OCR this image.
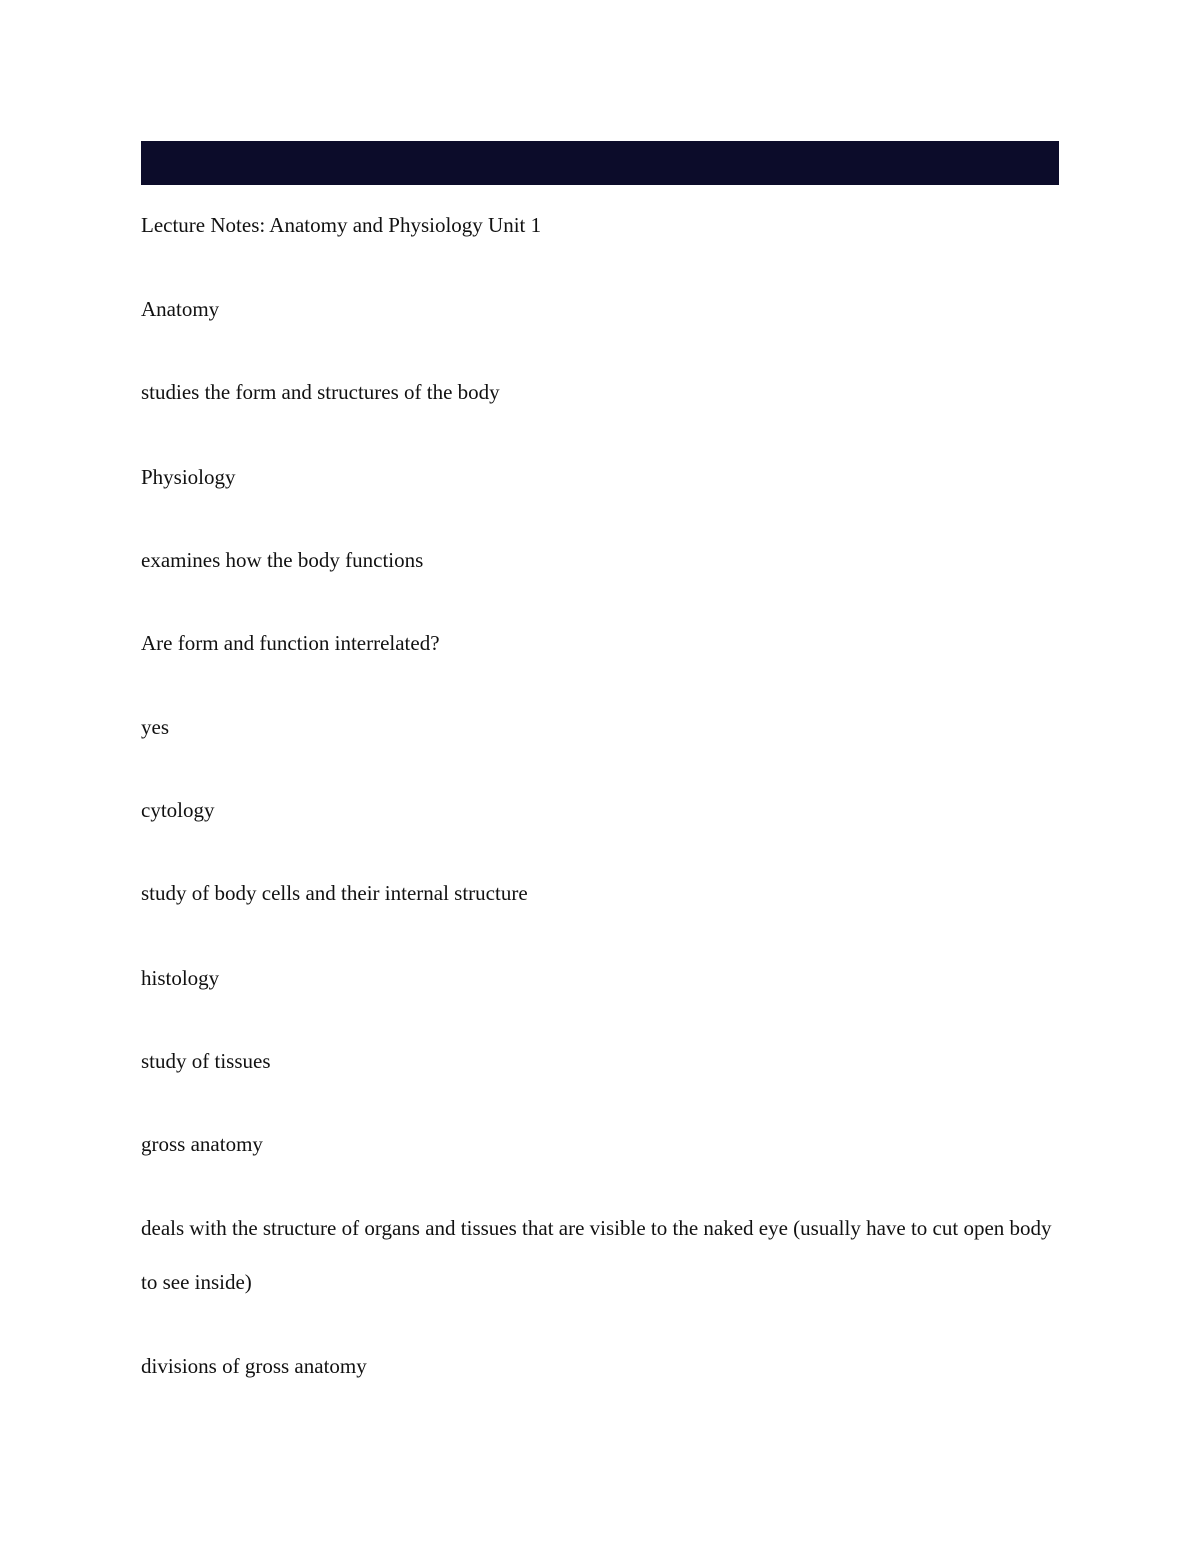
Lecture Notes: Anatomy and Physiology Unit 1
Anatomy
studies the form and structures of the body
Physiology
examines how the body functions
Are form and function interrelated?
yes
cytology
study of body cells and their internal structure
histology
study of tissues
gross anatomy
deals with the structure of organs and tissues that are visible to the naked eye (usually have to cut open body to see inside)
divisions of gross anatomy
